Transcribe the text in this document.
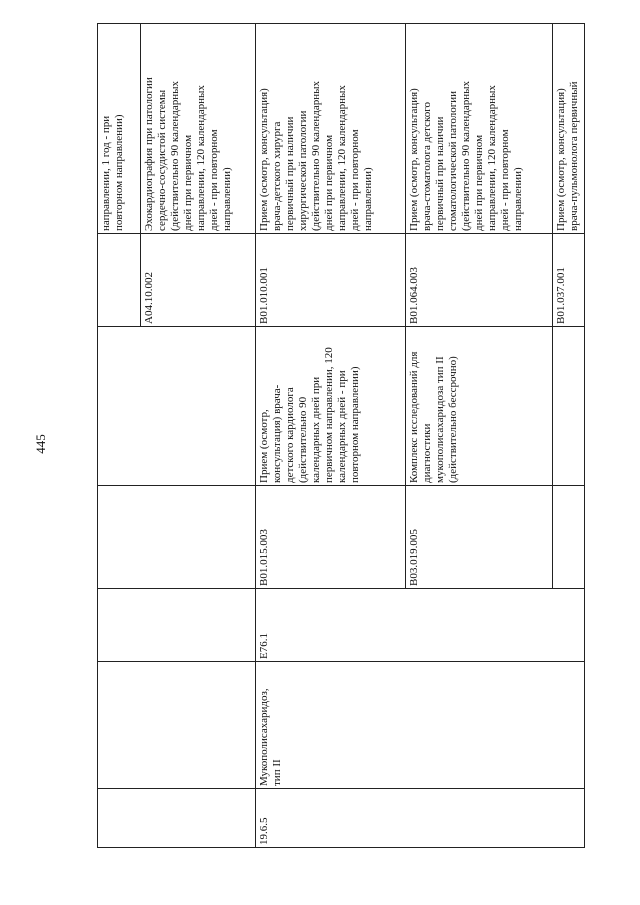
445
направлении, 1 год - при
повторном направлении)
Эхокардиография при патологии
сердечно-сосудистой системы
(действительно 90 календарных
дней при первичном
направлении, 120 календарных
дней - при повторном
направлении)
A04.10.002
19.6.5
Мукополисахаридоз,
тип II
E76.1
B01.015.003
Прием (осмотр,
консультация) врача-
детского кардиолога
(действительно 90
календарных дней при
первичном направлении, 120
календарных дней - при
повторном направлении)
B01.010.001
Прием (осмотр, консультация)
врача-детского хирурга
первичный при наличии
хирургической патологии
(действительно 90 календарных
дней при первичном
направлении, 120 календарных
дней - при повторном
направлении)
B03.019.005
Комплекс исследований для
диагностики
мукополисахаридоза тип II
(действительно бессрочно)
B01.064.003
Прием (осмотр, консультация)
врача-стоматолога детского
первичный при наличии
стоматологической патологии
(действительно 90 календарных
дней при первичном
направлении, 120 календарных
дней - при повторном
направлении)
B01.037.001
Прием (осмотр, консультация)
врача-пульмонолога первичный
